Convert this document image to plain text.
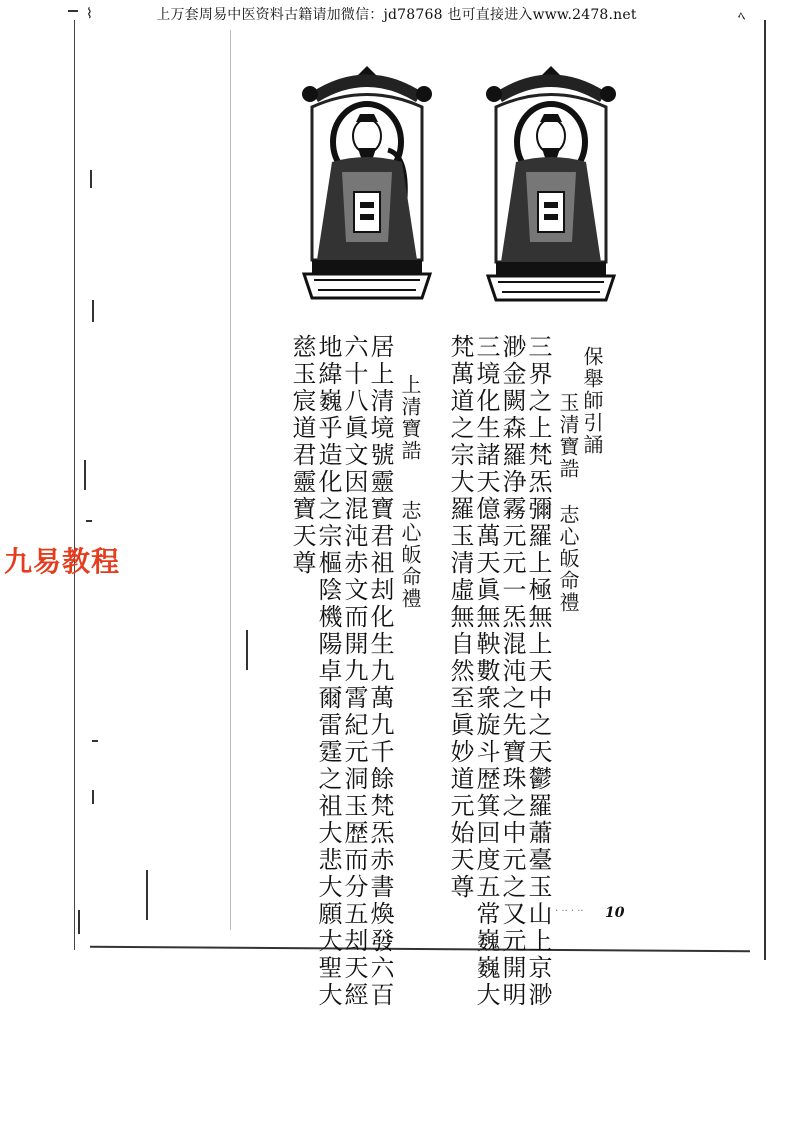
上万套周易中医资料古籍请加微信：jd78768 也可直接进入www.2478.net
⌇	ﾍ
九易教程
保舉師引誦
玉清寶誥
志心皈命禮
三界之上梵炁彌羅上極無上天中之天鬱羅蕭臺玉山上京渺
渺金闕森羅浄霧元元一炁混沌之先寶珠之中元之又元開明
三境化生諸天億萬天眞無鞅數衆旋斗歴箕回度五常巍巍大
梵萬道之宗大羅玉清虛無自然至眞妙道元始天尊
上清寶誥
志心皈命禮
居上清境號靈寶君祖刦化生九萬九千餘梵炁赤書煥發六百
六十八眞文因混沌赤文而開九霄紀元洞玉歴而分五刦天經
地緯巍乎造化之宗樞陰機陽卓爾雷霆之祖大悲大願大聖大
慈玉宸道君靈寶天尊
· ·· · ·· 10
